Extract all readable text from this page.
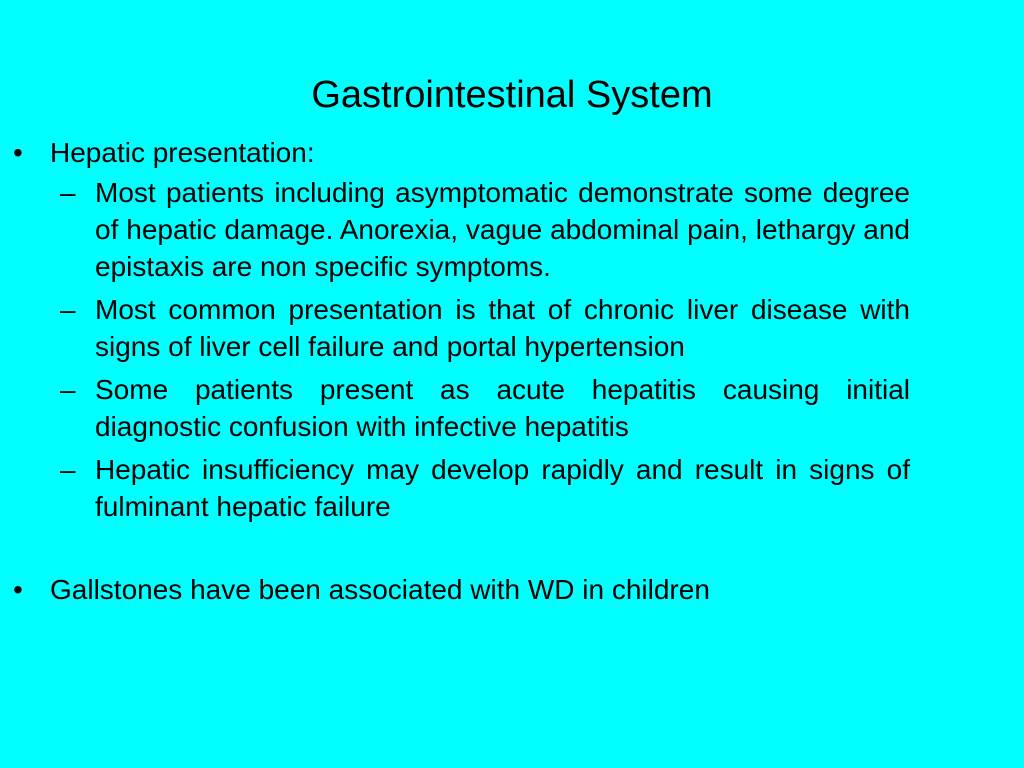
Gastrointestinal System
• Hepatic presentation:
– Most patients including asymptomatic demonstrate some degree of hepatic damage. Anorexia, vague abdominal pain, lethargy and epistaxis are non specific symptoms.
– Most common presentation is that of chronic liver disease with signs of liver cell failure and portal hypertension
– Some patients present as acute hepatitis causing initial diagnostic confusion with infective hepatitis
– Hepatic insufficiency may develop rapidly and result in signs of fulminant hepatic failure
• Gallstones have been associated with WD in children
